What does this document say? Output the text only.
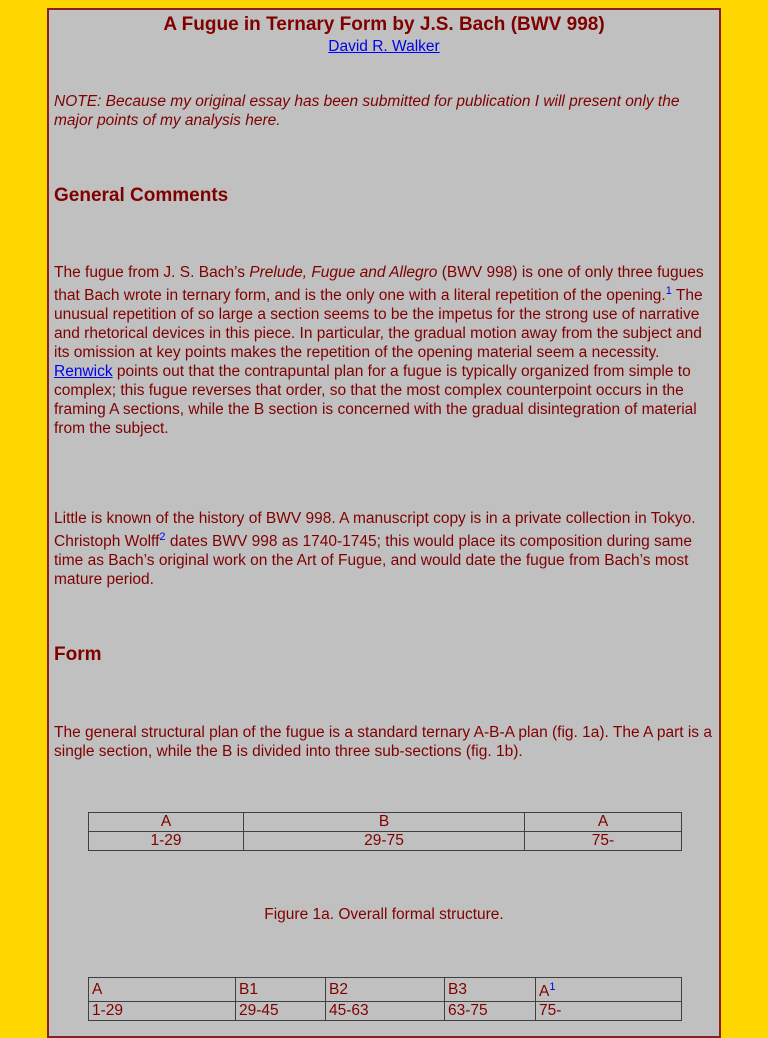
A Fugue in Ternary Form by J.S. Bach (BWV 998)
David R. Walker
NOTE: Because my original essay has been submitted for publication I will present only the major points of my analysis here.
General Comments
The fugue from J. S. Bach’s Prelude, Fugue and Allegro (BWV 998) is one of only three fugues that Bach wrote in ternary form, and is the only one with a literal repetition of the opening.$^1$ The unusual repetition of so large a section seems to be the impetus for the strong use of narrative and rhetorical devices in this piece. In particular, the gradual motion away from the subject and its omission at key points makes the repetition of the opening material seem a necessity. Renwick points out that the contrapuntal plan for a fugue is typically organized from simple to complex; this fugue reverses that order, so that the most complex counterpoint occurs in the framing A sections, while the B section is concerned with the gradual disintegration of material from the subject.
Little is known of the history of BWV 998. A manuscript copy is in a private collection in Tokyo. Christoph Wolff$^2$ dates BWV 998 as 1740-1745; this would place its composition during same time as Bach’s original work on the Art of Fugue, and would date the fugue from Bach’s most mature period.
Form
The general structural plan of the fugue is a standard ternary A-B-A plan (fig. 1a). The A part is a single section, while the B is divided into three sub-sections (fig. 1b).
A	B	A
1-29	29-75	75-
Figure 1a. Overall formal structure.
A	B1	B2	B3	A$^1$
1-29	29-45	45-63	63-75	75-
